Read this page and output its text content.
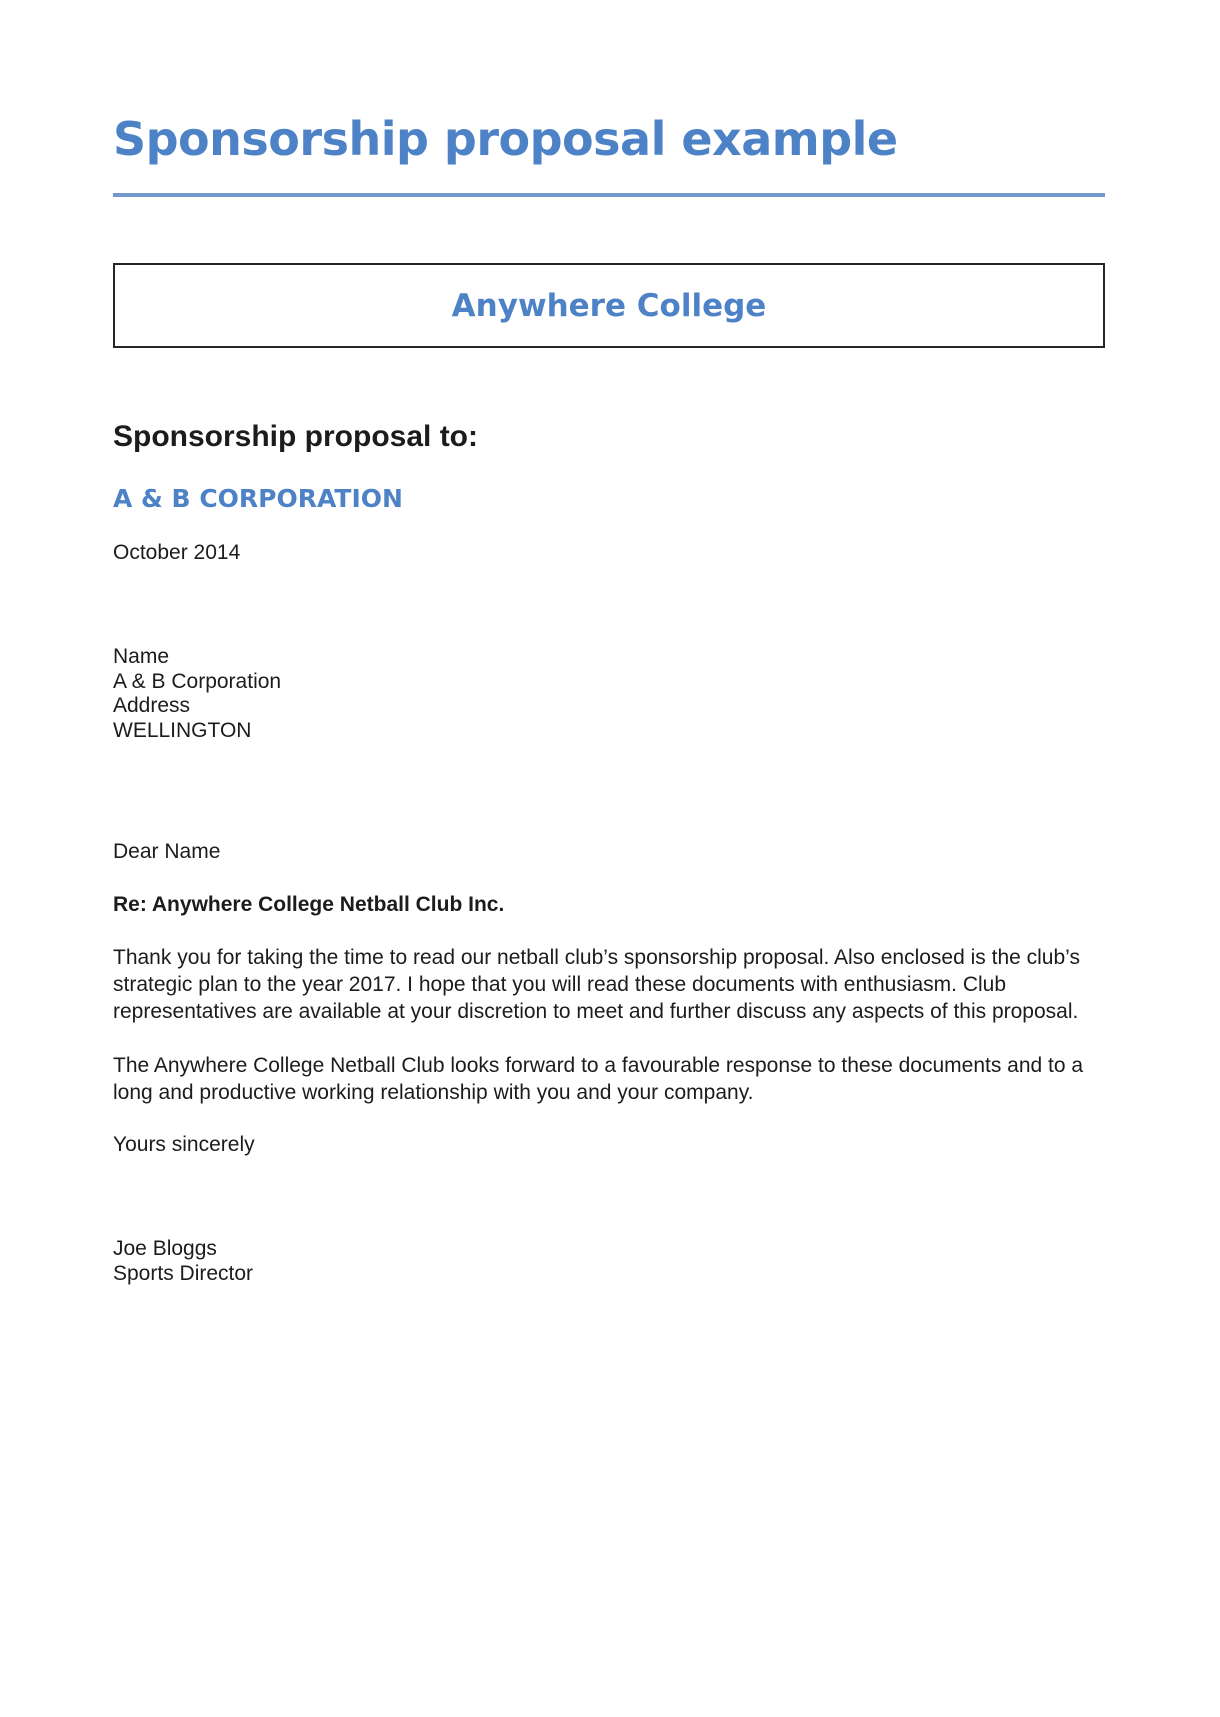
Sponsorship proposal example
Anywhere College
Sponsorship proposal to:
A & B CORPORATION
October 2014
Name
A & B Corporation
Address
WELLINGTON
Dear Name
Re: Anywhere College Netball Club Inc.

Thank you for taking the time to read our netball club’s sponsorship proposal. Also enclosed is the club’s strategic plan to the year 2017. I hope that you will read these documents with enthusiasm. Club representatives are available at your discretion to meet and further discuss any aspects of this proposal.

The Anywhere College Netball Club looks forward to a favourable response to these documents and to a long and productive working relationship with you and your company.

Yours sincerely
Joe Bloggs
Sports Director
